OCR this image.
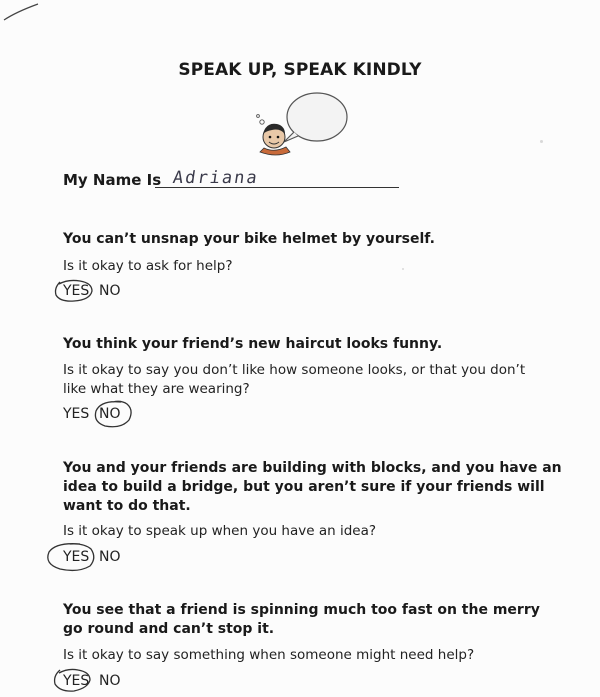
SPEAK UP, SPEAK KINDLY
My Name Is Adriana
You can’t unsnap your bike helmet by yourself.
Is it okay to ask for help?
YES NO
You think your friend’s new haircut looks funny.
Is it okay to say you don’t like how someone looks, or that you don’t like what they are wearing?
YES NO
You and your friends are building with blocks, and you have an idea to build a bridge, but you aren’t sure if your friends will want to do that.
Is it okay to speak up when you have an idea?
YES NO
You see that a friend is spinning much too fast on the merry go round and can’t stop it.
Is it okay to say something when someone might need help?
YES NO
